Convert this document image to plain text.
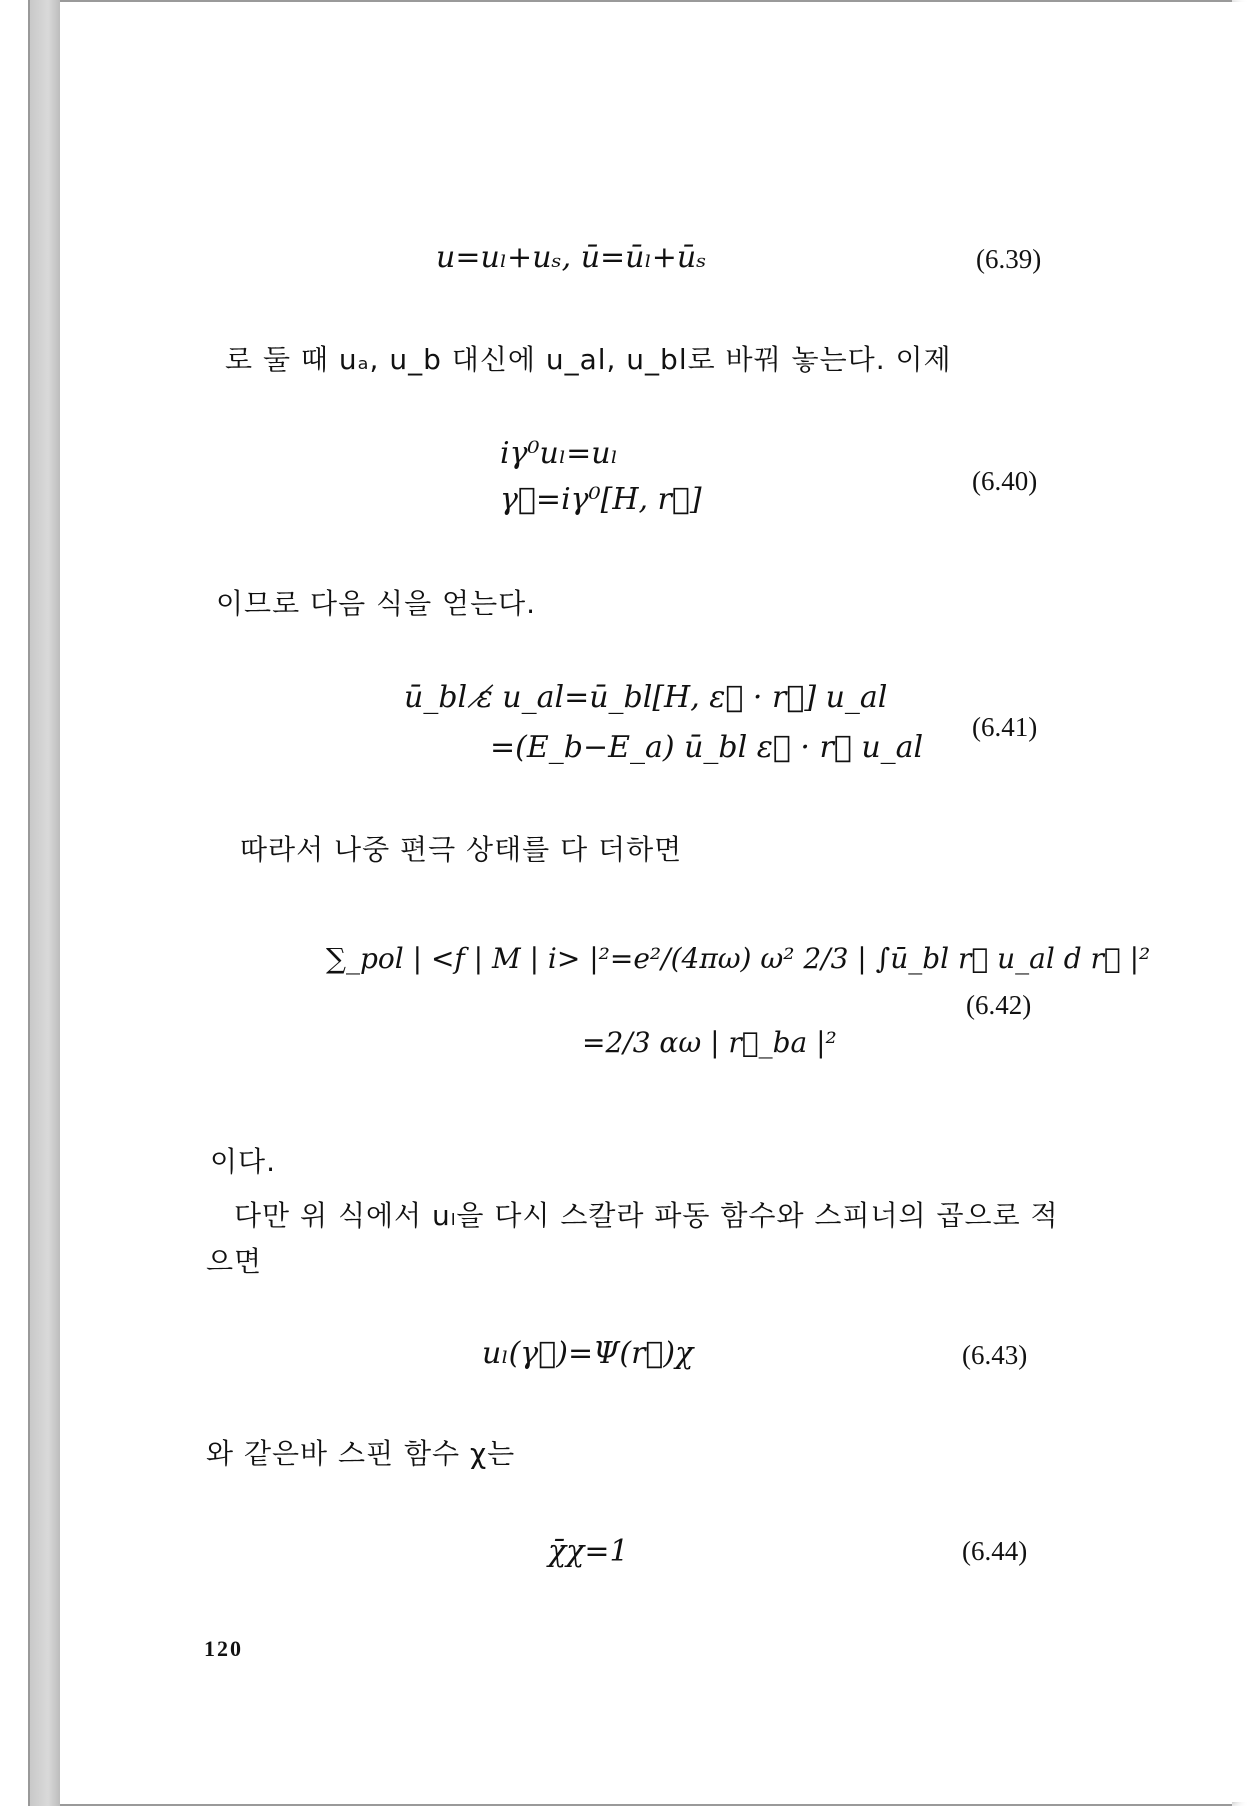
u=uₗ+uₛ, ū=ūₗ+ūₛ	(6.39)
로 둘 때 uₐ, u_b 대신에 u_al, u_bl로 바꿔 놓는다. 이제
iγ⁰uₗ=uₗ
γ⃗=iγ⁰[H, r⃗]
(6.40)
이므로 다음 식을 얻는다.
ū_bl ɛ̸ u_al=ū_bl[H, ε⃗ · r⃗] u_al
=(E_b−E_a) ū_bl ε⃗ · r⃗ u_al
(6.41)
따라서 나중 편극 상태를 다 더하면
∑_pol | <f | M | i> |²=e²/(4πω) ω² 2/3 | ∫ū_bl r⃗ u_al d r⃗ |²
=2/3 αω | r⃗_ba |²
(6.42)
이다.
다만 위 식에서 uₗ을 다시 스칼라 파동 함수와 스피너의 곱으로 적
으면
uₗ(γ⃗)=Ψ(r⃗)χ	(6.43)
와 같은바 스핀 함수 χ는
χ̄χ=1	(6.44)
120
